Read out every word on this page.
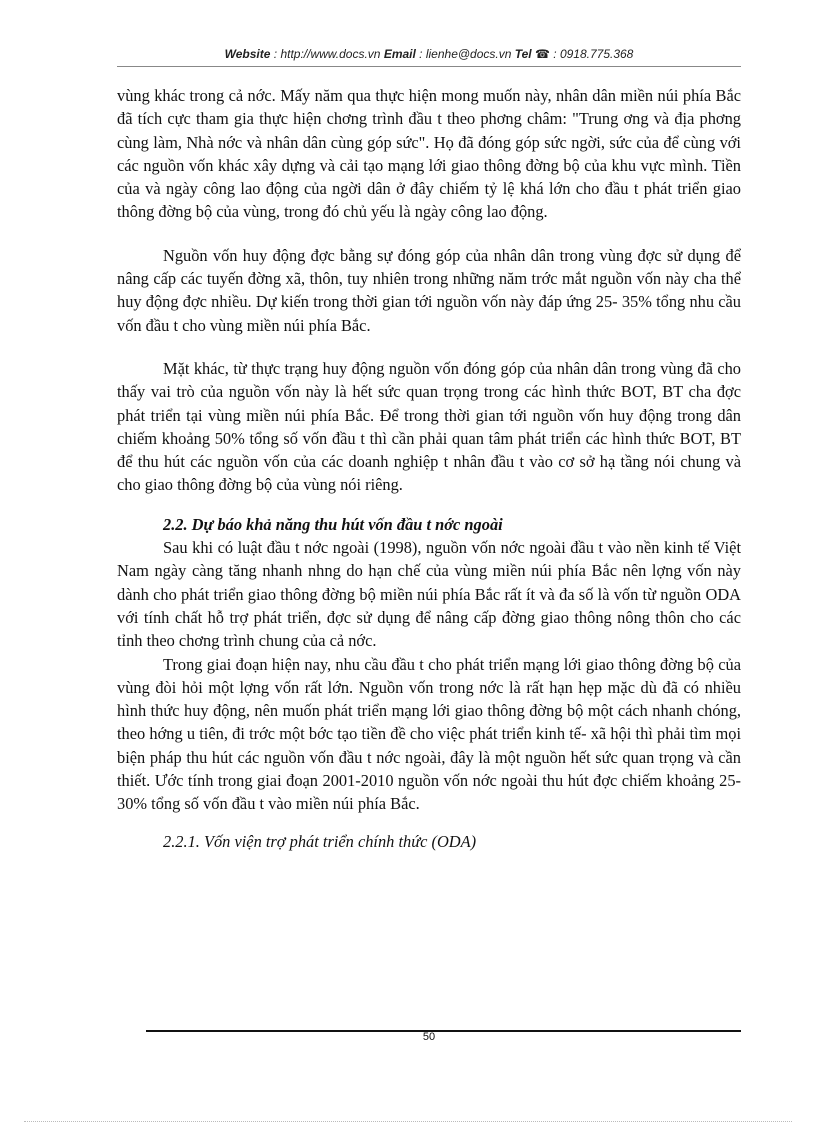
Website : http://www.docs.vn Email : lienhe@docs.vn Tel ☎ : 0918.775.368

vùng khác trong cả nớc. Mấy năm qua thực hiện mong muốn này, nhân dân miền núi phía Bắc đã tích cực tham gia thực hiện chơng trình đầu t theo phơng châm: "Trung ơng và địa phơng cùng làm, Nhà nớc và nhân dân cùng góp sức". Họ đã đóng góp sức ngời, sức của để cùng với các nguồn vốn khác xây dựng và cải tạo mạng lới giao thông đờng bộ của khu vực mình. Tiền của và ngày công lao động của ngời dân ở đây chiếm tỷ lệ khá lớn cho đầu t phát triển giao thông đờng bộ của vùng, trong đó chủ yếu là ngày công lao động.

Nguồn vốn huy động đợc bằng sự đóng góp của nhân dân trong vùng đợc sử dụng để nâng cấp các tuyến đờng xã, thôn, tuy nhiên trong những năm trớc mắt nguồn vốn này cha thể huy động đợc nhiều. Dự kiến trong thời gian tới nguồn vốn này đáp ứng 25- 35% tổng nhu cầu vốn đầu t cho vùng miền núi phía Bắc.

Mặt khác, từ thực trạng huy động nguồn vốn đóng góp của nhân dân trong vùng đã cho thấy vai trò của nguồn vốn này là hết sức quan trọng trong các hình thức BOT, BT cha đợc phát triển tại vùng miền núi phía Bắc. Để trong thời gian tới nguồn vốn huy động trong dân chiếm khoảng 50% tổng số vốn đầu t thì cần phải quan tâm phát triển các hình thức BOT, BT để thu hút các nguồn vốn của các doanh nghiệp t nhân đầu t vào cơ sở hạ tầng nói chung và cho giao thông đờng bộ của vùng nói riêng.

2.2. Dự báo khả năng thu hút vốn đầu t nớc ngoài

Sau khi có luật đầu t nớc ngoài (1998), nguồn vốn nớc ngoài đầu t vào nền kinh tế Việt Nam ngày càng tăng nhanh nhng do hạn chế của vùng miền núi phía Bắc nên lợng vốn này dành cho phát triển giao thông đờng bộ miền núi phía Bắc rất ít và đa số là vốn từ nguồn ODA với tính chất hỗ trợ phát triển, đợc sử dụng để nâng cấp đờng giao thông nông thôn cho các tỉnh theo chơng trình chung của cả nớc.

Trong giai đoạn hiện nay, nhu cầu đầu t cho phát triển mạng lới giao thông đờng bộ của vùng đòi hỏi một lợng vốn rất lớn. Nguồn vốn trong nớc là rất hạn hẹp mặc dù đã có nhiều hình thức huy động, nên muốn phát triển mạng lới giao thông đờng bộ một cách nhanh chóng, theo hớng u tiên, đi trớc một bớc tạo tiền đề cho việc phát triển kinh tế- xã hội thì phải tìm mọi biện pháp thu hút các nguồn vốn đầu t nớc ngoài, đây là một nguồn hết sức quan trọng và cần thiết. Ước tính trong giai đoạn 2001-2010 nguồn vốn nớc ngoài thu hút đợc chiếm khoảng 25- 30% tổng số vốn đầu t vào miền núi phía Bắc.

2.2.1. Vốn viện trợ phát triển chính thức (ODA)

50
